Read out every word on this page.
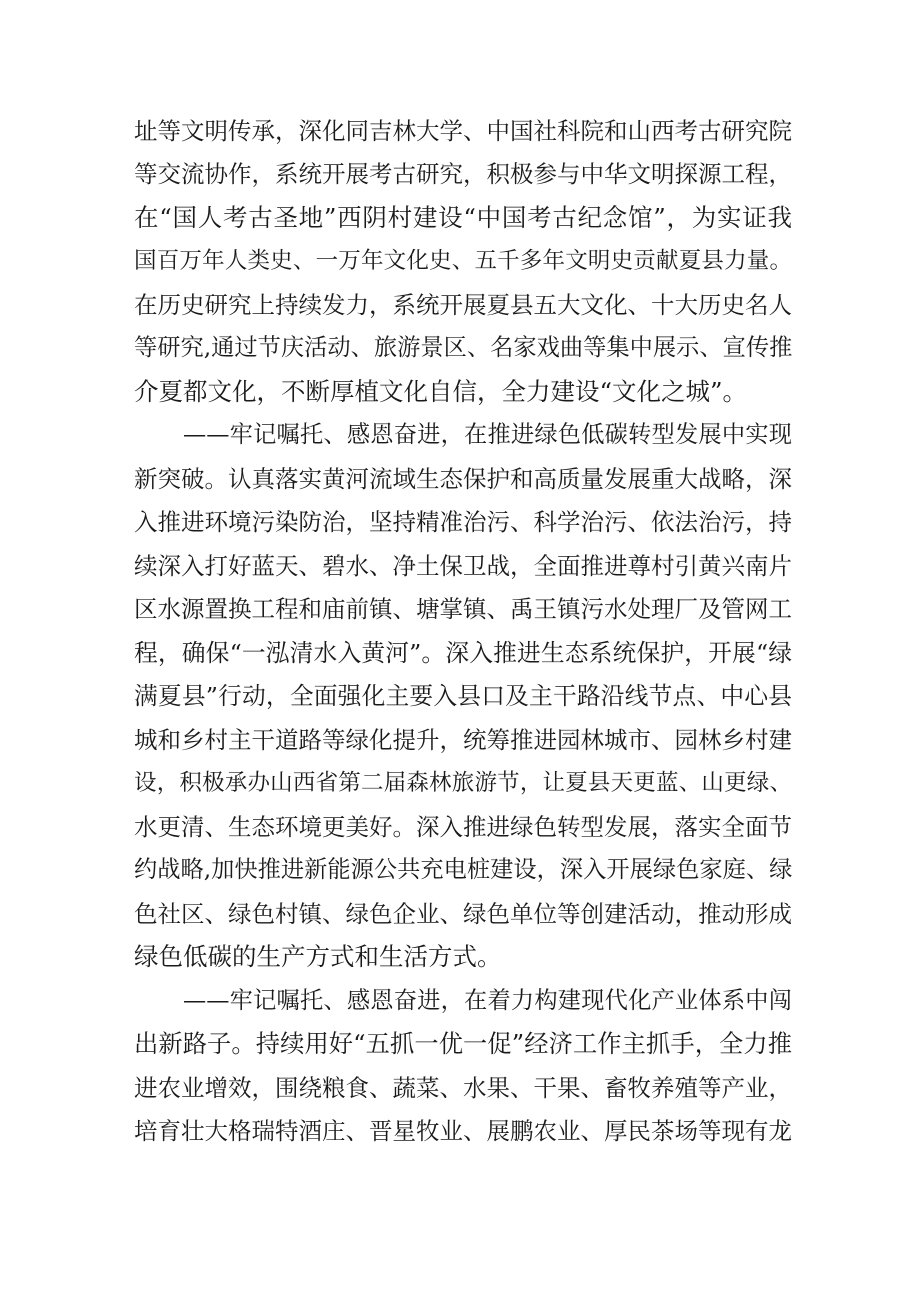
址等文明传承，深化同吉林大学、中国社科院和山西考古研究院
等交流协作，系统开展考古研究，积极参与中华文明探源工程，
在“国人考古圣地”西阴村建设“中国考古纪念馆”，为实证我
国百万年人类史、一万年文化史、五千多年文明史贡献夏县力量。
在历史研究上持续发力，系统开展夏县五大文化、十大历史名人
等研究,通过节庆活动、旅游景区、名家戏曲等集中展示、宣传推
介夏都文化，不断厚植文化自信，全力建设“文化之城”。
——牢记嘱托、感恩奋进，在推进绿色低碳转型发展中实现
新突破。认真落实黄河流域生态保护和高质量发展重大战略，深
入推进环境污染防治，坚持精准治污、科学治污、依法治污，持
续深入打好蓝天、碧水、净土保卫战，全面推进尊村引黄兴南片
区水源置换工程和庙前镇、塘掌镇、禹王镇污水处理厂及管网工
程，确保“一泓清水入黄河”。深入推进生态系统保护，开展“绿
满夏县”行动，全面强化主要入县口及主干路沿线节点、中心县
城和乡村主干道路等绿化提升，统筹推进园林城市、园林乡村建
设，积极承办山西省第二届森林旅游节，让夏县天更蓝、山更绿、
水更清、生态环境更美好。深入推进绿色转型发展，落实全面节
约战略,加快推进新能源公共充电桩建设，深入开展绿色家庭、绿
色社区、绿色村镇、绿色企业、绿色单位等创建活动，推动形成
绿色低碳的生产方式和生活方式。
——牢记嘱托、感恩奋进，在着力构建现代化产业体系中闯
出新路子。持续用好“五抓一优一促”经济工作主抓手，全力推
进农业增效，围绕粮食、蔬菜、水果、干果、畜牧养殖等产业，
培育壮大格瑞特酒庄、晋星牧业、展鹏农业、厚民茶场等现有龙
